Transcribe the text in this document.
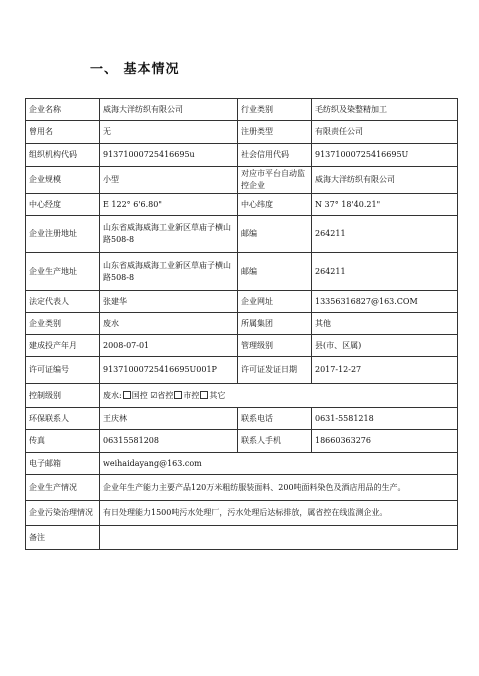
一、 基本情况
企业名称	威海大洋纺织有限公司	行业类别	毛纺织及染整精加工
曾用名	无	注册类型	有限责任公司
组织机构代码	91371000725416695u	社会信用代码	91371000725416695U
企业规模	小型	对应市平台自动监控企业	威海大洋纺织有限公司
中心经度	E 122° 6'6.80"	中心纬度	N 37° 18'40.21"
企业注册地址	山东省威海威海工业新区草庙子横山路508-8	邮编	264211
企业生产地址	山东省威海威海工业新区草庙子横山路508-8	邮编	264211
法定代表人	张建华	企业网址	13356316827@163.COM
企业类别	废水	所属集团	其他
建成投产年月	2008-07-01	管理级别	县(市、区属)
许可证编号	91371000725416695U001P	许可证发证日期	2017-12-27
控制级别	废水: 国控 ☑省控 市控 其它		
环保联系人	王庆林	联系电话	0631-5581218
传真	06315581208	联系人手机	18660363276
电子邮箱	weihaidayang@163.com		
企业生产情况	企业年生产能力主要产品120万米粗纺服装面料、200吨面料染色及酒店用品的生产。		
企业污染治理情况	有日处理能力1500吨污水处理厂，污水处理后达标排放，属省控在线监测企业。		
备注			
